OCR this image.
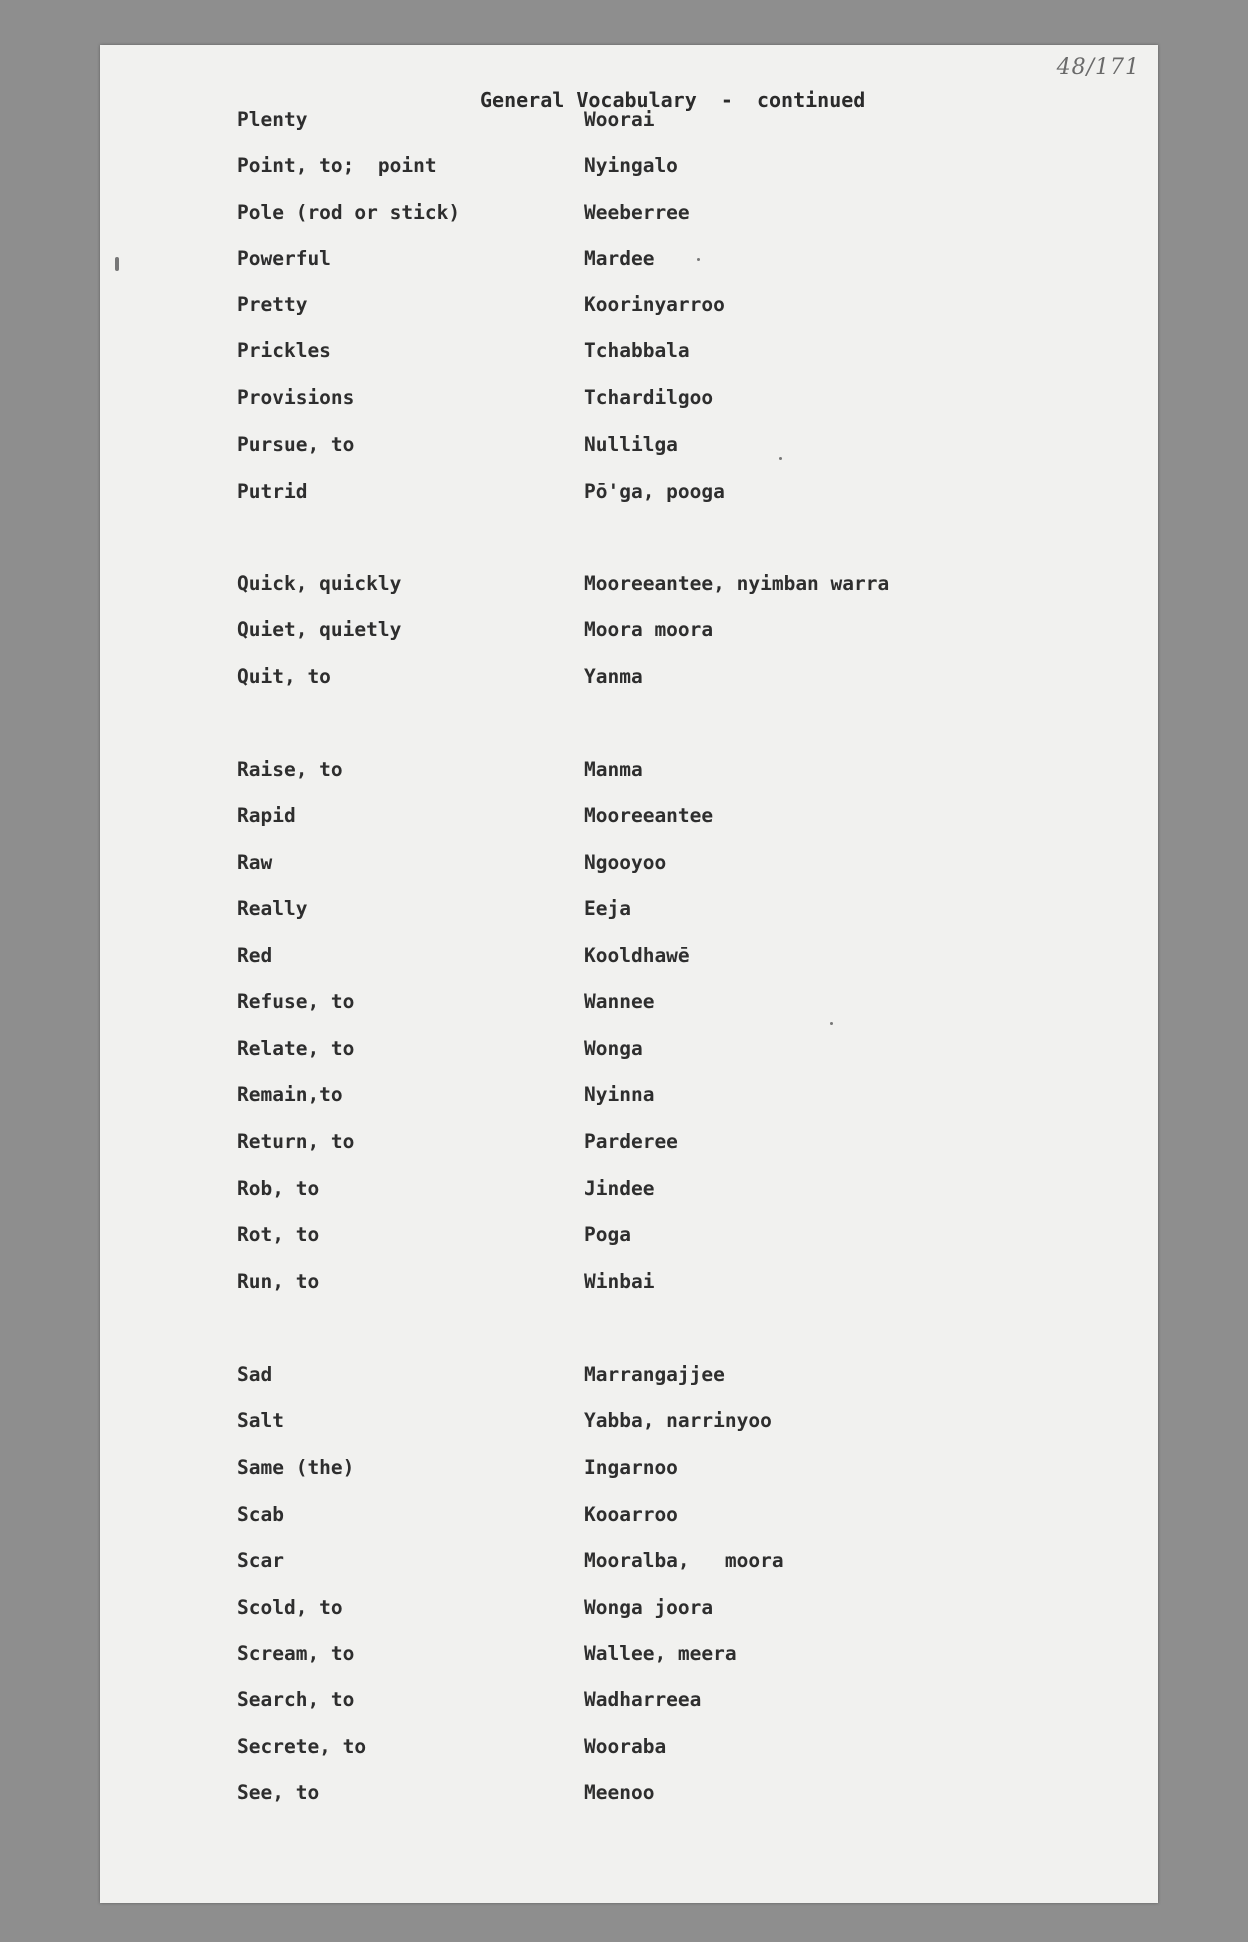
48/171
General Vocabulary  -  continued
Plenty	Woorai
Point, to;  point	Nyingalo
Pole (rod or stick)	Weeberree
Powerful	Mardee
Pretty	Koorinyarroo
Prickles	Tchabbala
Provisions	Tchardilgoo
Pursue, to	Nullilga
Putrid	Pō'ga, pooga
Quick, quickly	Mooreeantee, nyimban warra
Quiet, quietly	Moora moora
Quit, to	Yanma
Raise, to	Manma
Rapid	Mooreeantee
Raw	Ngooyoo
Really	Eeja
Red	Kooldhawē
Refuse, to	Wannee
Relate, to	Wonga
Remain,to	Nyinna
Return, to	Parderee
Rob, to	Jindee
Rot, to	Poga
Run, to	Winbai
Sad	Marrangajjee
Salt	Yabba, narrinyoo
Same (the)	Ingarnoo
Scab	Kooarroo
Scar	Mooralba,   moora
Scold, to	Wonga joora
Scream, to	Wallee, meera
Search, to	Wadharreea
Secrete, to	Wooraba
See, to	Meenoo
